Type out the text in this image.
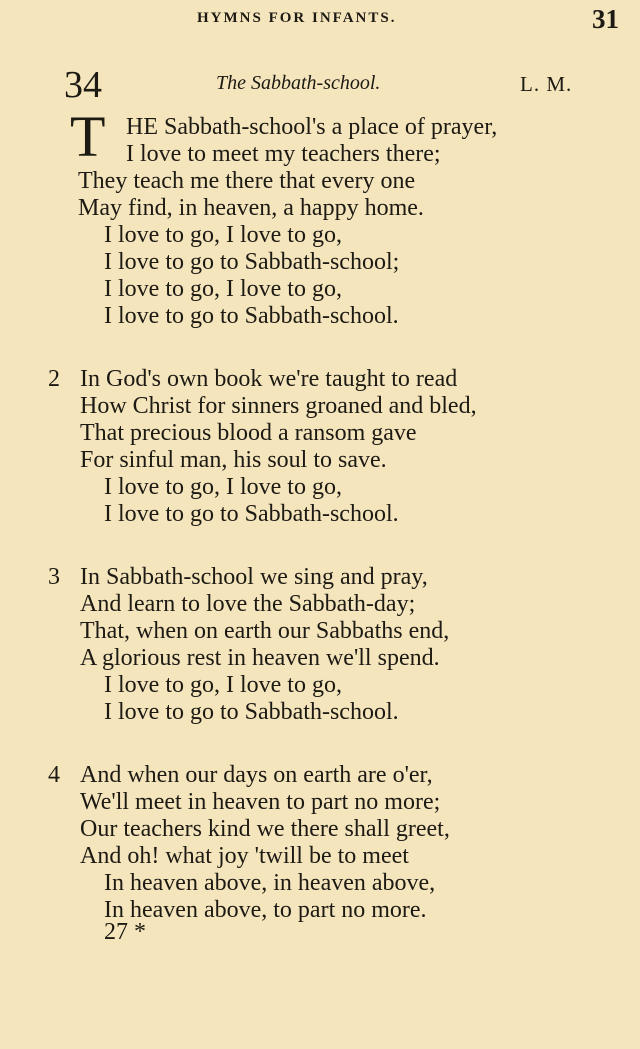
HYMNS FOR INFANTS.	31
34	The Sabbath-school.	L. M.
T HE Sabbath-school's a place of prayer,
I love to meet my teachers there;
They teach me there that every one
May find, in heaven, a happy home.
I love to go, I love to go,
I love to go to Sabbath-school;
I love to go, I love to go,
I love to go to Sabbath-school.
2 In God's own book we're taught to read
How Christ for sinners groaned and bled,
That precious blood a ransom gave
For sinful man, his soul to save.
I love to go, I love to go,
I love to go to Sabbath-school.
3 In Sabbath-school we sing and pray,
And learn to love the Sabbath-day;
That, when on earth our Sabbaths end,
A glorious rest in heaven we'll spend.
I love to go, I love to go,
I love to go to Sabbath-school.
4 And when our days on earth are o'er,
We'll meet in heaven to part no more;
Our teachers kind we there shall greet,
And oh! what joy 'twill be to meet
In heaven above, in heaven above,
In heaven above, to part no more.
27 *
